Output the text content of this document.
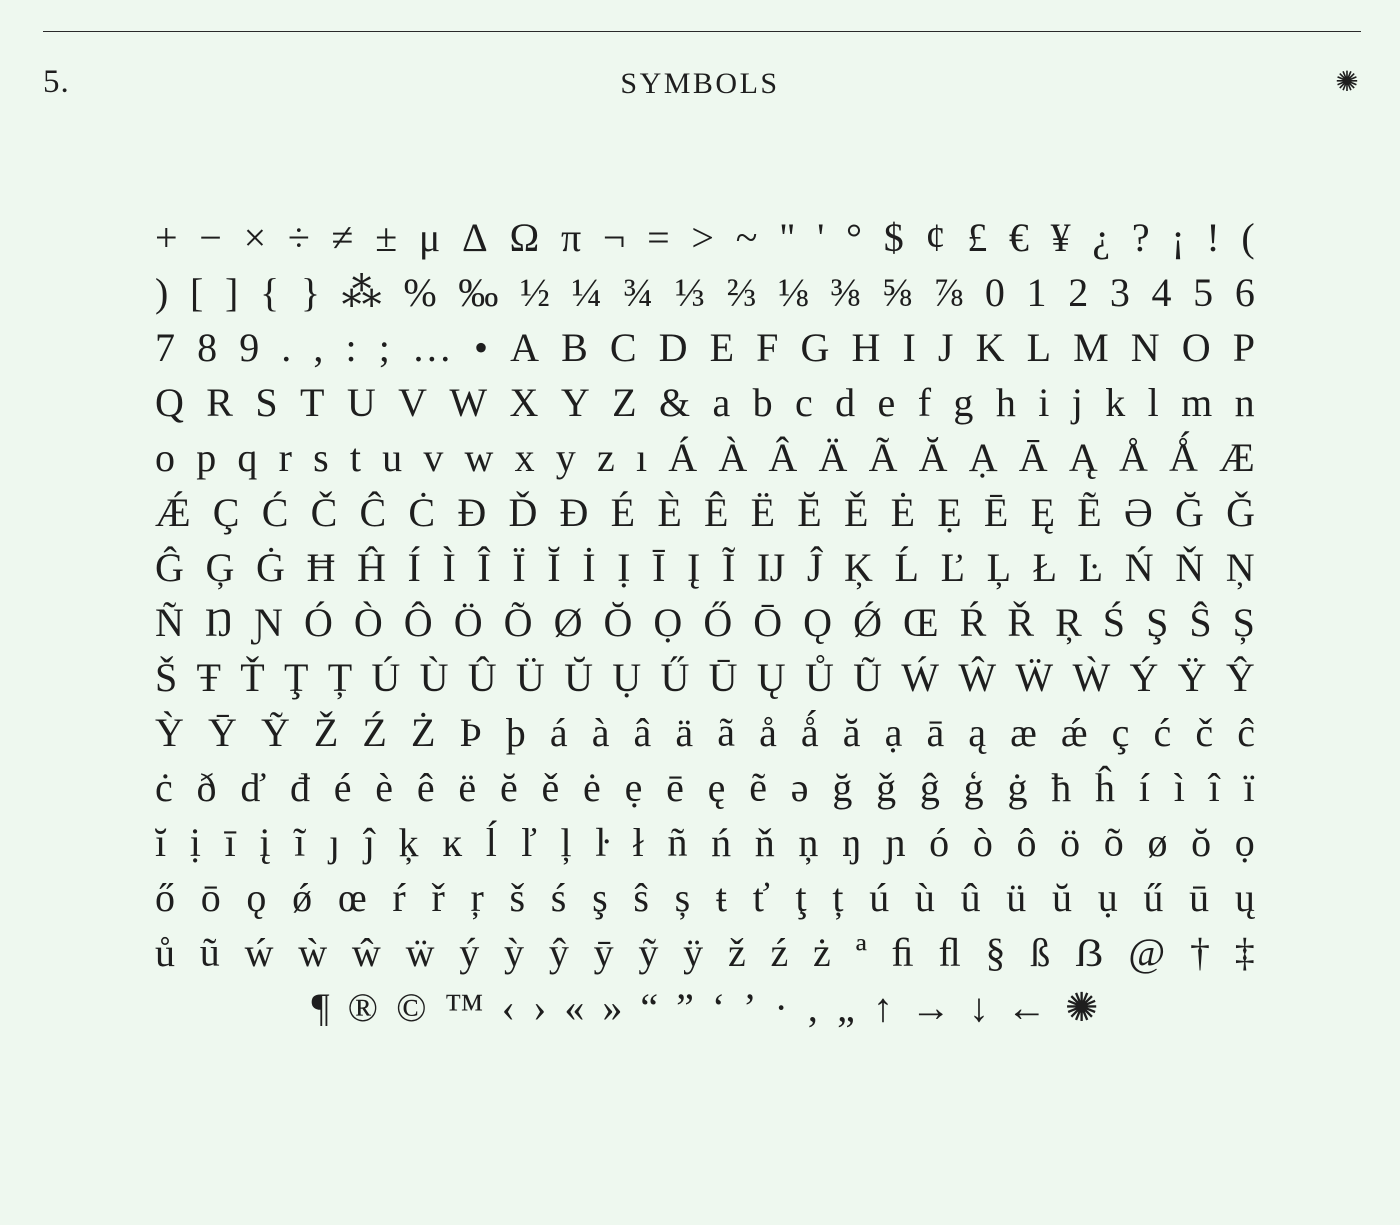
5.	SYMBOLS	✺
+ − × ÷ ≠ ± μ Δ Ω π ¬ = > ~ " ' ° $ ¢ £ € ¥ ¿ ? ¡ ! (
) [ ] { } ⁂ % ‰ ½ ¼ ¾ ⅓ ⅔ ⅛ ⅜ ⅝ ⅞ 0 1 2 3 4 5 6
7 8 9 . , : ; … • A B C D E F G H I J K L M N O P
Q R S T U V W X Y Z & a b c d e f g h i j k l m n
o p q r s t u v w x y z ı Á À Â Ä Ã Ă Ạ Ā Ą Å Ǻ Æ
Ǽ Ç Ć Č Ĉ Ċ Ð Ď Đ É È Ê Ë Ĕ Ě Ė Ẹ Ē Ę Ẽ Ə Ğ Ǧ
Ĝ Ģ Ġ Ħ Ĥ Í Ì Î Ï Ĭ İ Ị Ī Į Ĩ Ĳ Ĵ Ķ Ĺ Ľ Ļ Ł Ŀ Ń Ň Ņ
Ñ Ŋ Ɲ Ó Ò Ô Ö Õ Ø Ŏ Ọ Ő Ō Ǫ Ǿ Œ Ŕ Ř Ŗ Ś Ş Ŝ Ș
Š Ŧ Ť Ţ Ț Ú Ù Û Ü Ŭ Ụ Ű Ū Ų Ů Ũ Ẃ Ŵ Ẅ Ẁ Ý Ÿ Ŷ
Ỳ Ȳ Ỹ Ž Ź Ż Þ þ á à â ä ã å ǻ ă ạ ā ą æ ǽ ç ć č ĉ
ċ ð ď đ é è ê ë ĕ ě ė ẹ ē ę ẽ ə ğ ǧ ĝ ģ ġ ħ ĥ í ì î ï
ĭ ị ī į ĩ ȷ ĵ ķ ĸ ĺ ľ ļ ŀ ł ñ ń ň ņ ŋ ɲ ó ò ô ö õ ø ŏ ọ
ő ō ǫ ǿ œ ŕ ř ŗ š ś ş ŝ ș ŧ ť ţ ț ú ù û ü ŭ ụ ű ū ų
ů ũ ẃ ẁ ŵ ẅ ý ỳ ŷ ȳ ỹ ÿ ž ź ż ª ﬁ ﬂ § ß ẞ @ † ‡
¶ ® © ™ ‹ › « » “ ” ‘ ’ · ‚ „ ↑ → ↓ ← ✺
